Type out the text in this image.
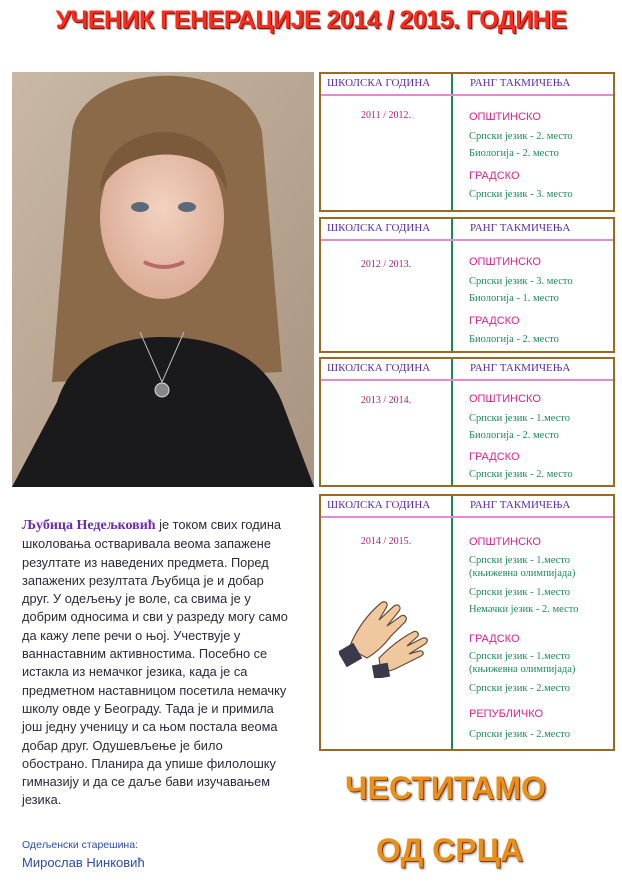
УЧЕНИК ГЕНЕРАЦИЈЕ 2014 / 2015. ГОДИНЕ
ШКОЛСКА ГОДИНА	РАНГ ТАКМИЧЕЊА
2011 / 2012.	ОПШТИНСКО
Српски језик - 2. место
Биологија - 2. место
ГРАДСКО
Српски језик - 3. место
ШКОЛСКА ГОДИНА	РАНГ ТАКМИЧЕЊА
2012 / 2013.	ОПШТИНСКО
Српски језик - 3. место
Биологија - 1. место
ГРАДСКО
Биологија - 2. место
ШКОЛСКА ГОДИНА	РАНГ ТАКМИЧЕЊА
2013 / 2014.	ОПШТИНСКО
Српски језик - 1.место
Биологија - 2. место
ГРАДСКО
Српски језик - 2. место
ШКОЛСКА ГОДИНА	РАНГ ТАКМИЧЕЊА
2014 / 2015.	ОПШТИНСКО
Српски језик - 1.место
(књижевна олимпијада)
Српски језик - 1.место
Немачки језик - 2. место
ГРАДСКО
Српски језик - 1.место
(књижевна олимпијада)
Српски језик - 2.место
РЕПУБЛИЧКО
Српски језик - 2.место
Љубица Недељковић је током свих година школовања остваривала веома запажене резултате из наведених предмета. Поред запажених резултата Љубица је и добар друг. У одељењу је воле, са свима је у добрим односима и сви у разреду могу само да кажу лепе речи о њој. Учествује у ваннаставним активностима. Посебно се истакла из немачког језика, када је са предметном наставницом посетила немачку школу овде у Београду. Тада је и примила још једну ученицу и са њом постала веома добар друг. Одушевљење је било обострано. Планира да упише филолошку гимназију и да се даље бави изучавањем језика.
Одељенски старешина:
Мирослав Нинковић
ЧЕСТИТАМО
ОД СРЦА
